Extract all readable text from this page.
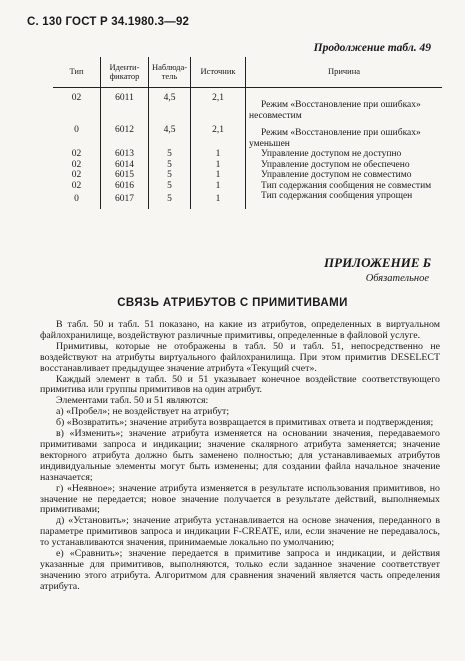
С. 130 ГОСТ Р 34.1980.3—92
Продолжение табл. 49
Тип	Иденти-фикатор	Наблюда-тель	Источник	Причина
02	6011	4,5	2,1	Режим «Восстановление при ошибках» несовместим
0	6012	4,5	2,1	Режим «Восстановление при ошибках» уменьшен
02	6013	5	1	Управление доступом не доступно
02	6014	5	1	Управление доступом не обеспечено
02	6015	5	1	Управление доступом не совместимо
02	6016	5	1	Тип содержания сообщения не совместим
0	6017	5	1	Тип содержания сообщения упрощен
ПРИЛОЖЕНИЕ Б
Обязательное
СВЯЗЬ АТРИБУТОВ С ПРИМИТИВАМИ

В табл. 50 и табл. 51 показано, на какие из атрибутов, определенных в виртуальном файлохранилище, воздействуют различные примитивы, определенные в файловой услуге.

Примитивы, которые не отображены в табл. 50 и табл. 51, непосредственно не воздействуют на атрибуты виртуального файлохранилища. При этом примитив DESELECT восстанавливает предыдущее значение атрибута «Текущий счет».

Каждый элемент в табл. 50 и 51 указывает конечное воздействие соответствующего примитива или группы примитивов на один атрибут.

Элементами табл. 50 и 51 являются:

а) «Пробел»; не воздействует на атрибут;

б) «Возвратить»; значение атрибута возвращается в примитивах ответа и подтверждения;

в) «Изменить»; значение атрибута изменяется на основании значения, передаваемого примитивами запроса и индикации; значение скалярного атрибута заменяется; значение векторного атрибута должно быть заменено полностью; для устанавливаемых атрибутов индивидуальные элементы могут быть изменены; для создании файла начальное значение назначается;

г) «Неявное»; значение атрибута изменяется в результате использования примитивов, но значение не передается; новое значение получается в результате действий, выполняемых примитивами;

д) «Установить»; значение атрибута устанавливается на основе значения, переданного в параметре примитивов запроса и индикации F-CREATE, или, если значение не передавалось, то устанавливаются значения, принимаемые локально по умолчанию;

е) «Сравнить»; значение передается в примитиве запроса и индикации, и действия указанные для примитивов, выполняются, только если заданное значение соответствует значению этого атрибута. Алгоритмом для сравнения значений является часть определения атрибута.
